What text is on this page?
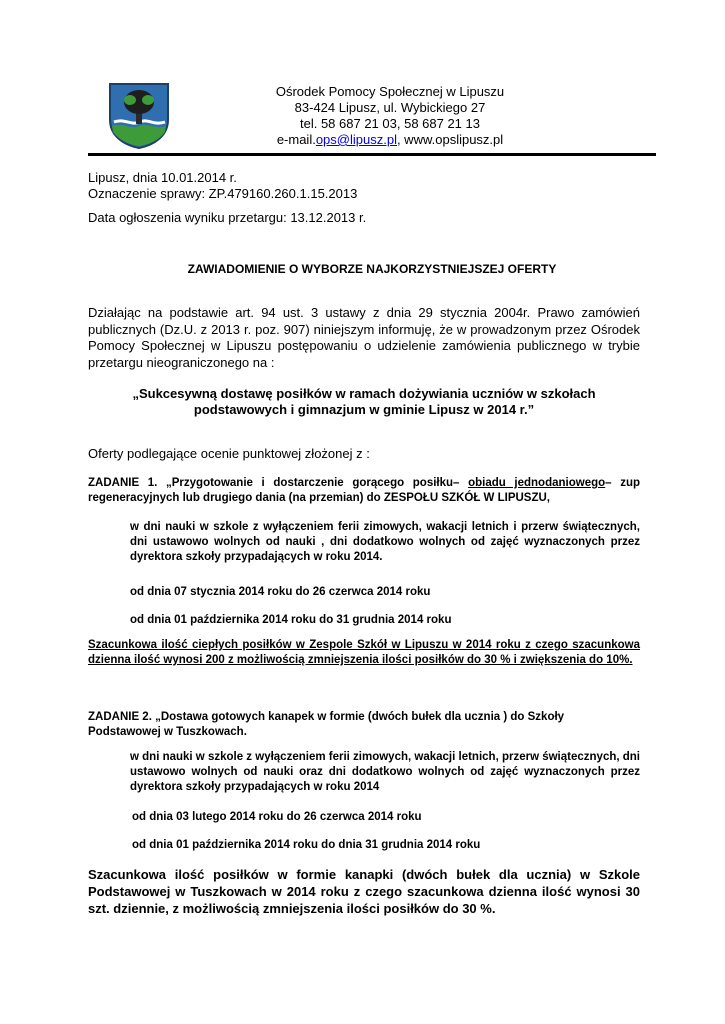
Ośrodek Pomocy Społecznej w Lipuszu
83-424 Lipusz, ul. Wybickiego 27
tel. 58 687 21 03, 58 687 21 13
e-mail.ops@lipusz.pl, www.opslipusz.pl
Lipusz, dnia 10.01.2014 r.
Oznaczenie sprawy: ZP.479160.260.1.15.2013
Data ogłoszenia wyniku przetargu: 13.12.2013 r.
ZAWIADOMIENIE O WYBORZE NAJKORZYSTNIEJSZEJ OFERTY
Działając na podstawie art. 94 ust. 3 ustawy z dnia 29 stycznia 2004r. Prawo zamówień publicznych (Dz.U. z 2013 r. poz. 907) niniejszym informuję, że w prowadzonym przez Ośrodek Pomocy Społecznej w Lipuszu postępowaniu o udzielenie zamówienia publicznego w trybie przetargu nieograniczonego na :
„Sukcesywną dostawę posiłków w ramach dożywiania uczniów w szkołach podstawowych i gimnazjum w gminie Lipusz w 2014 r.”
Oferty podlegające ocenie punktowej złożonej z :
ZADANIE 1. „Przygotowanie i dostarczenie gorącego posiłku– obiadu jednodaniowego– zup regeneracyjnych lub drugiego dania (na przemian) do ZESPOŁU SZKÓŁ W LIPUSZU,
w dni nauki w szkole z wyłączeniem ferii zimowych, wakacji letnich i przerw świątecznych, dni ustawowo wolnych od nauki , dni dodatkowo wolnych od zajęć wyznaczonych przez dyrektora szkoły przypadających w roku 2014.
od dnia 07 stycznia 2014 roku do 26 czerwca 2014 roku
od dnia 01 października 2014 roku do 31 grudnia 2014 roku
Szacunkowa ilość ciepłych posiłków w Zespole Szkół w Lipuszu w 2014 roku z czego szacunkowa dzienna ilość wynosi 200 z możliwością zmniejszenia ilości posiłków do 30 % i zwiększenia do 10%.
ZADANIE 2. „Dostawa gotowych kanapek w formie (dwóch bułek dla ucznia ) do Szkoły Podstawowej w Tuszkowach.
w dni nauki w szkole z wyłączeniem ferii zimowych, wakacji letnich, przerw świątecznych, dni ustawowo wolnych od nauki oraz dni dodatkowo wolnych od zajęć wyznaczonych przez dyrektora szkoły przypadających w roku 2014
od dnia 03 lutego 2014 roku do 26 czerwca 2014 roku
od dnia 01 października 2014 roku do dnia 31 grudnia 2014 roku
Szacunkowa ilość posiłków w formie kanapki (dwóch bułek dla ucznia) w Szkole Podstawowej w Tuszkowach w 2014 roku z czego szacunkowa dzienna ilość wynosi 30 szt. dziennie, z możliwością zmniejszenia ilości posiłków do 30 %.
